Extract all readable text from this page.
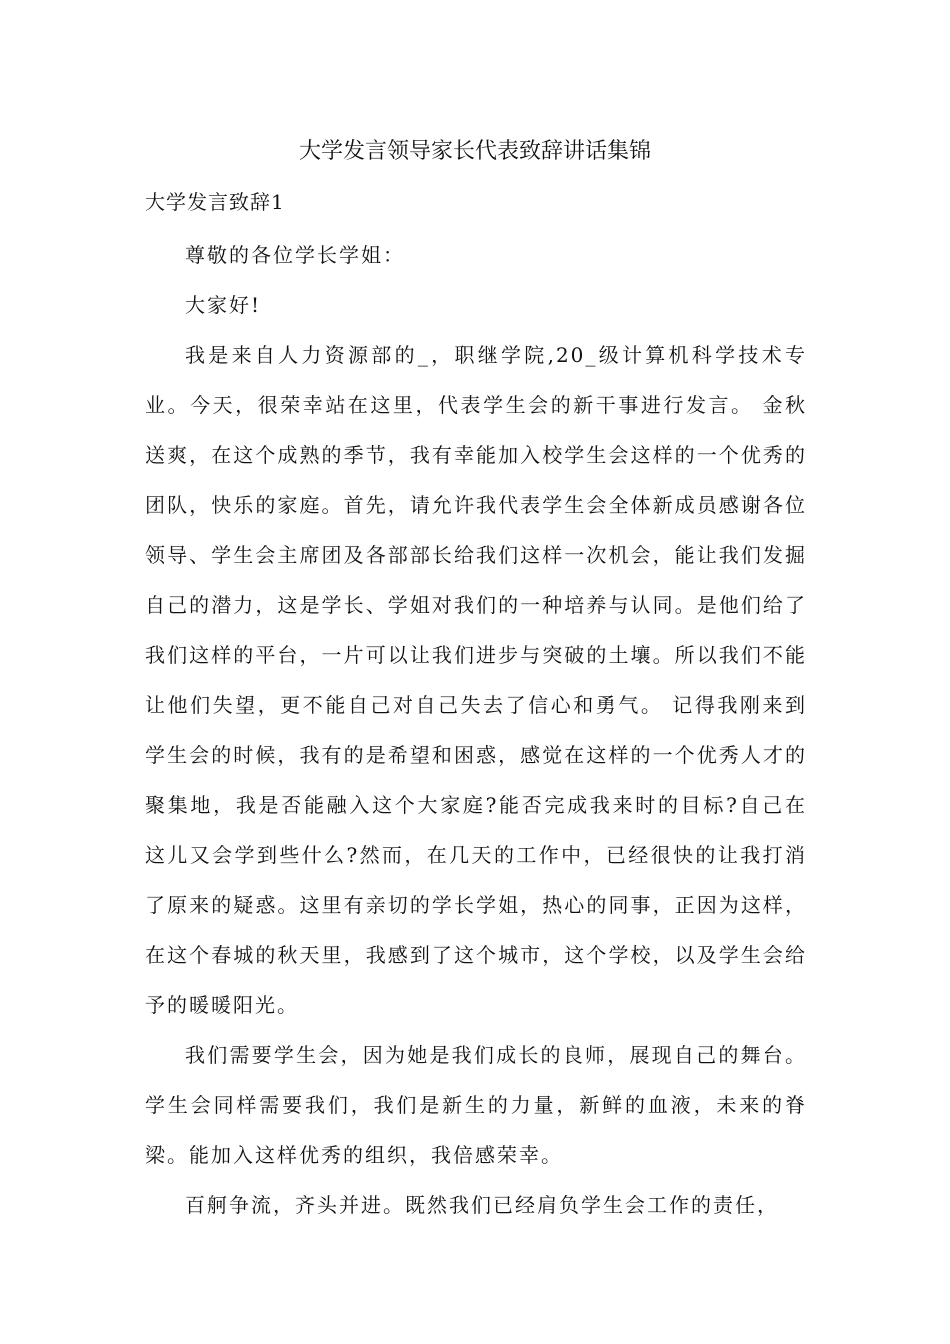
大学发言领导家长代表致辞讲话集锦
大学发言致辞1

尊敬的各位学长学姐：

大家好!

我是来自人力资源部的_，职继学院,20_级计算机科学技术专业。今天，很荣幸站在这里，代表学生会的新干事进行发言。 金秋送爽，在这个成熟的季节，我有幸能加入校学生会这样的一个优秀的团队，快乐的家庭。首先，请允许我代表学生会全体新成员感谢各位领导、学生会主席团及各部部长给我们这样一次机会，能让我们发掘自己的潜力，这是学长、学姐对我们的一种培养与认同。是他们给了我们这样的平台，一片可以让我们进步与突破的土壤。所以我们不能让他们失望，更不能自己对自己失去了信心和勇气。 记得我刚来到学生会的时候，我有的是希望和困惑，感觉在这样的一个优秀人才的聚集地，我是否能融入这个大家庭?能否完成我来时的目标?自己在这儿又会学到些什么?然而，在几天的工作中，已经很快的让我打消了原来的疑惑。这里有亲切的学长学姐，热心的同事，正因为这样，在这个春城的秋天里，我感到了这个城市，这个学校，以及学生会给予的暖暖阳光。

我们需要学生会，因为她是我们成长的良师，展现自己的舞台。学生会同样需要我们，我们是新生的力量，新鲜的血液，未来的脊梁。能加入这样优秀的组织，我倍感荣幸。

百舸争流，齐头并进。既然我们已经肩负学生会工作的责任，
